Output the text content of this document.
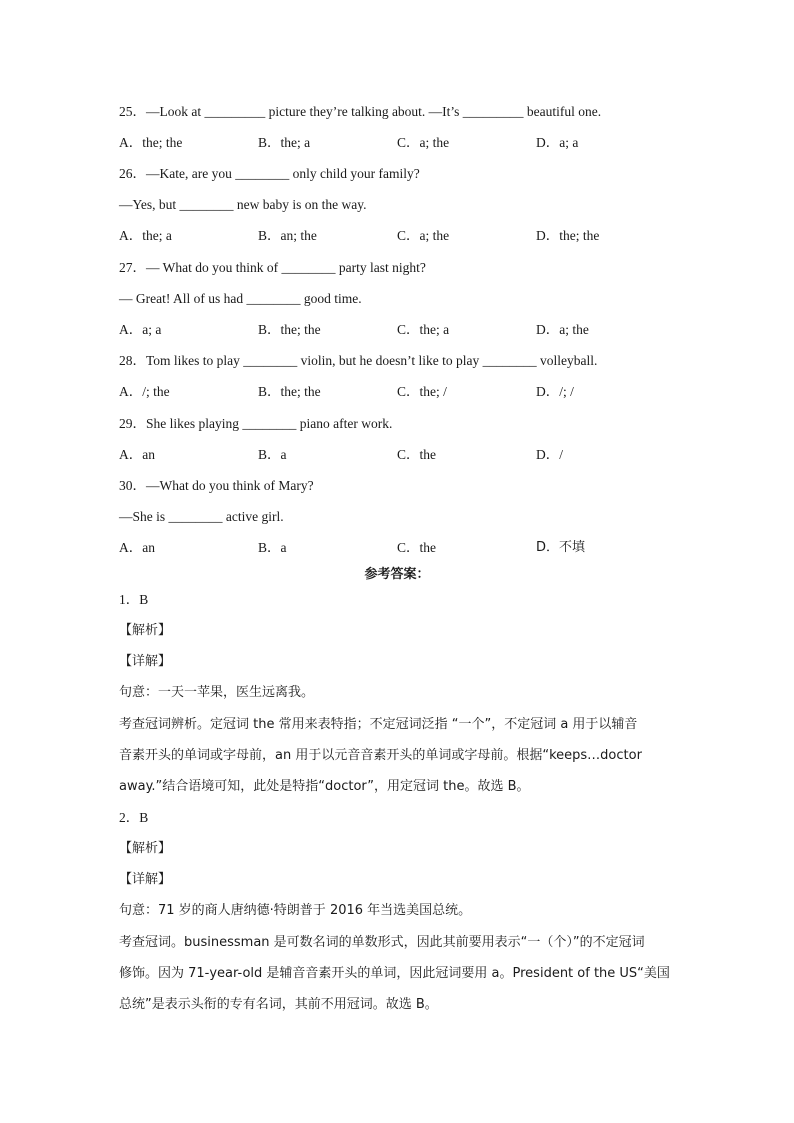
25．—Look at _________ picture they’re talking about. —It’s _________ beautiful one.
A．the; the	B．the; a	C．a; the	D．a; a
26．—Kate, are you ________ only child your family?
—Yes, but ________ new baby is on the way.
A．the; a	B．an; the	C．a; the	D．the; the
27．— What do you think of ________ party last night?
— Great! All of us had ________ good time.
A．a; a	B．the; the	C．the; a	D．a; the
28．Tom likes to play ________ violin, but he doesn’t like to play ________ volleyball.
A．/; the	B．the; the	C．the; /	D．/; /
29．She likes playing ________ piano after work.
A．an	B．a	C．the	D．/
30．—What do you think of Mary?
—She is ________ active girl.
A．an	B．a	C．the	D．不填
参考答案：
1．B
【解析】
【详解】
句意：一天一苹果，医生远离我。
考查冠词辨析。定冠词 the 常用来表特指；不定冠词泛指 “一个”，不定冠词 a 用于以辅音
音素开头的单词或字母前，an 用于以元音音素开头的单词或字母前。根据“keeps…doctor
away.”结合语境可知，此处是特指“doctor”，用定冠词 the。故选 B。
2．B
【解析】
【详解】
句意：71 岁的商人唐纳德·特朗普于 2016 年当选美国总统。
考查冠词。businessman 是可数名词的单数形式，因此其前要用表示“一（个）”的不定冠词
修饰。因为 71-year-old 是辅音音素开头的单词，因此冠词要用 a。President of the US“美国
总统”是表示头衔的专有名词，其前不用冠词。故选 B。
